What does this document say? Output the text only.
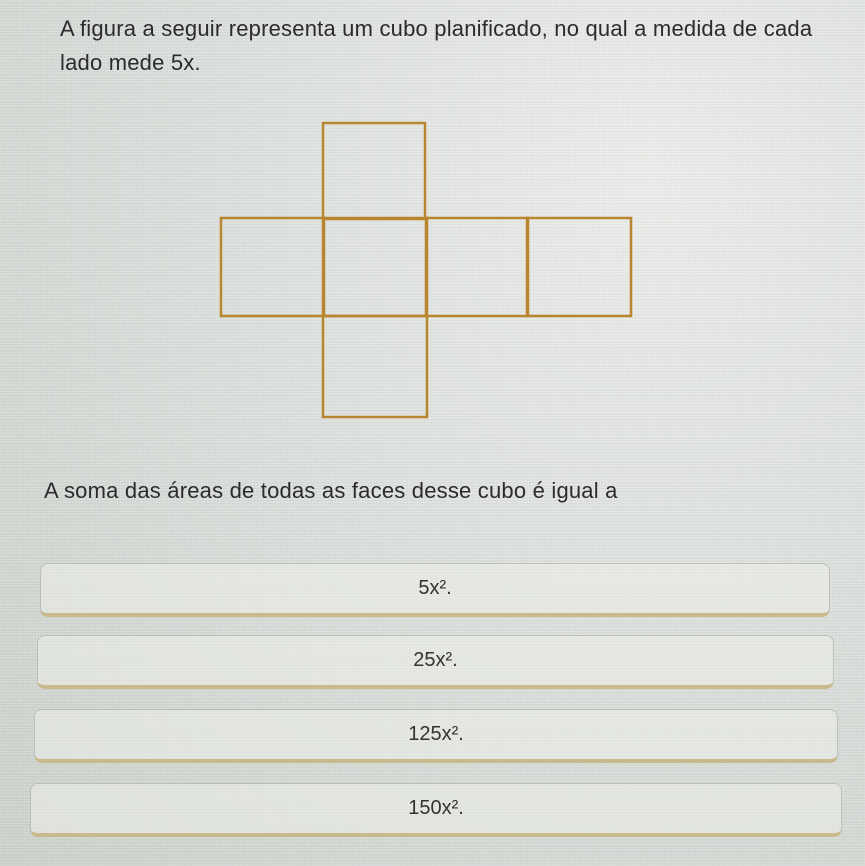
A figura a seguir representa um cubo planificado, no qual a medida de cada lado mede 5x.

A soma das áreas de todas as faces desse cubo é igual a

5x².
25x².
125x².
150x².
